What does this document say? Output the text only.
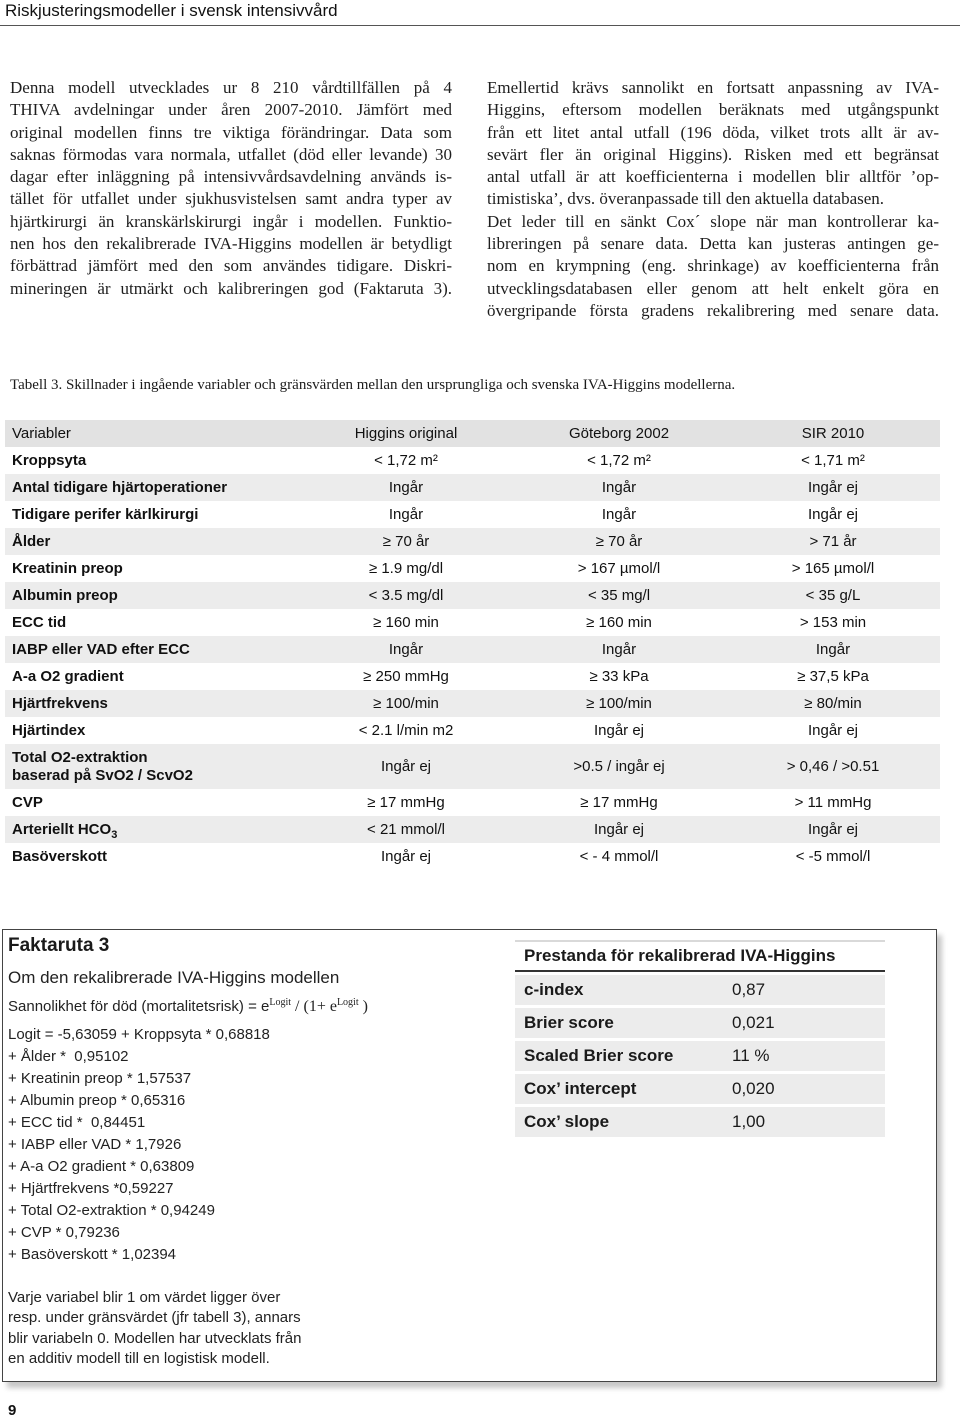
Riskjusteringsmodeller i svensk intensivvård
Denna modell utvecklades ur 8 210 vårdtillfällen på 4
THIVA avdelningar under åren 2007-2010. Jämfört med
original modellen finns tre viktiga förändringar. Data som
saknas förmodas vara normala, utfallet (död eller levande) 30
dagar efter inläggning på intensivvårdsavdelning används is-
tället för utfallet under sjukhusvistelsen samt andra typer av
hjärtkirurgi än kranskärlskirurgi ingår i modellen. Funktio-
nen hos den rekalibrerade IVA-Higgins modellen är betydligt
förbättrad jämfört med den som användes tidigare. Diskri-
mineringen är utmärkt och kalibreringen god (Faktaruta 3).
Emellertid krävs sannolikt en fortsatt anpassning av IVA-
Higgins, eftersom modellen beräknats med utgångspunkt
från ett litet antal utfall (196 döda, vilket trots allt är av-
sevärt fler än original Higgins). Risken med ett begränsat
antal utfall är att koefficienterna i modellen blir alltför ’op-
timistiska’, dvs. överanpassade till den aktuella databasen.
Det leder till en sänkt Cox´ slope när man kontrollerar ka-
libreringen på senare data. Detta kan justeras antingen ge-
nom en krympning (eng. shrinkage) av koefficienterna från
utvecklingsdatabasen eller genom att helt enkelt göra en
övergripande första gradens rekalibrering med senare data.
Tabell 3. Skillnader i ingående variabler och gränsvärden mellan den ursprungliga och svenska IVA-Higgins modellerna.
Variabler	Higgins original	Göteborg 2002	SIR 2010
Kroppsyta	< 1,72 m²	< 1,72 m²	< 1,71 m²
Antal tidigare hjärtoperationer	Ingår	Ingår	Ingår ej
Tidigare perifer kärlkirurgi	Ingår	Ingår	Ingår ej
Ålder	≥ 70 år	≥ 70 år	> 71 år
Kreatinin preop	≥ 1.9 mg/dl	> 167 µmol/l	> 165 µmol/l
Albumin preop	< 3.5 mg/dl	< 35 mg/l	< 35 g/L
ECC tid	≥ 160 min	≥ 160 min	> 153 min
IABP eller VAD efter ECC	Ingår	Ingår	Ingår
A-a O2 gradient	≥ 250 mmHg	≥ 33 kPa	≥ 37,5 kPa
Hjärtfrekvens	≥ 100/min	≥ 100/min	≥ 80/min
Hjärtindex	< 2.1 l/min m2	Ingår ej	Ingår ej
Total O2-extraktion
baserad på SvO2 / ScvO2	Ingår ej	>0.5 / ingår ej	> 0,46 / >0.51
CVP	≥ 17 mmHg	≥ 17 mmHg	> 11 mmHg
Arteriellt $HCO_3$	< 21 mmol/l	Ingår ej	Ingår ej
Basöverskott	Ingår ej	< - 4 mmol/l	< -5 mmol/l
Faktaruta 3
Om den rekalibrerade IVA-Higgins modellen
Sannolikhet för död (mortalitetsrisk) = $e^{Logit} / (1+ e^{Logit}$ )
Logit = -5,63059 + Kroppsyta * 0,68818
+ Ålder *  0,95102
+ Kreatinin preop * 1,57537
+ Albumin preop * 0,65316
+ ECC tid *  0,84451
+ IABP eller VAD * 1,7926
+ A-a O2 gradient * 0,63809
+ Hjärtfrekvens *0,59227
+ Total O2-extraktion * 0,94249
+ CVP * 0,79236
+ Basöverskott * 1,02394
Varje variabel blir 1 om värdet ligger över
resp. under gränsvärdet (jfr tabell 3), annars
blir variabeln 0. Modellen har utvecklats från
en additiv modell till en logistisk modell.
Prestanda för rekalibrerad IVA-Higgins
c-index	0,87
Brier score	0,021
Scaled Brier score	11 %
Cox’ intercept	0,020
Cox’ slope	1,00
9
